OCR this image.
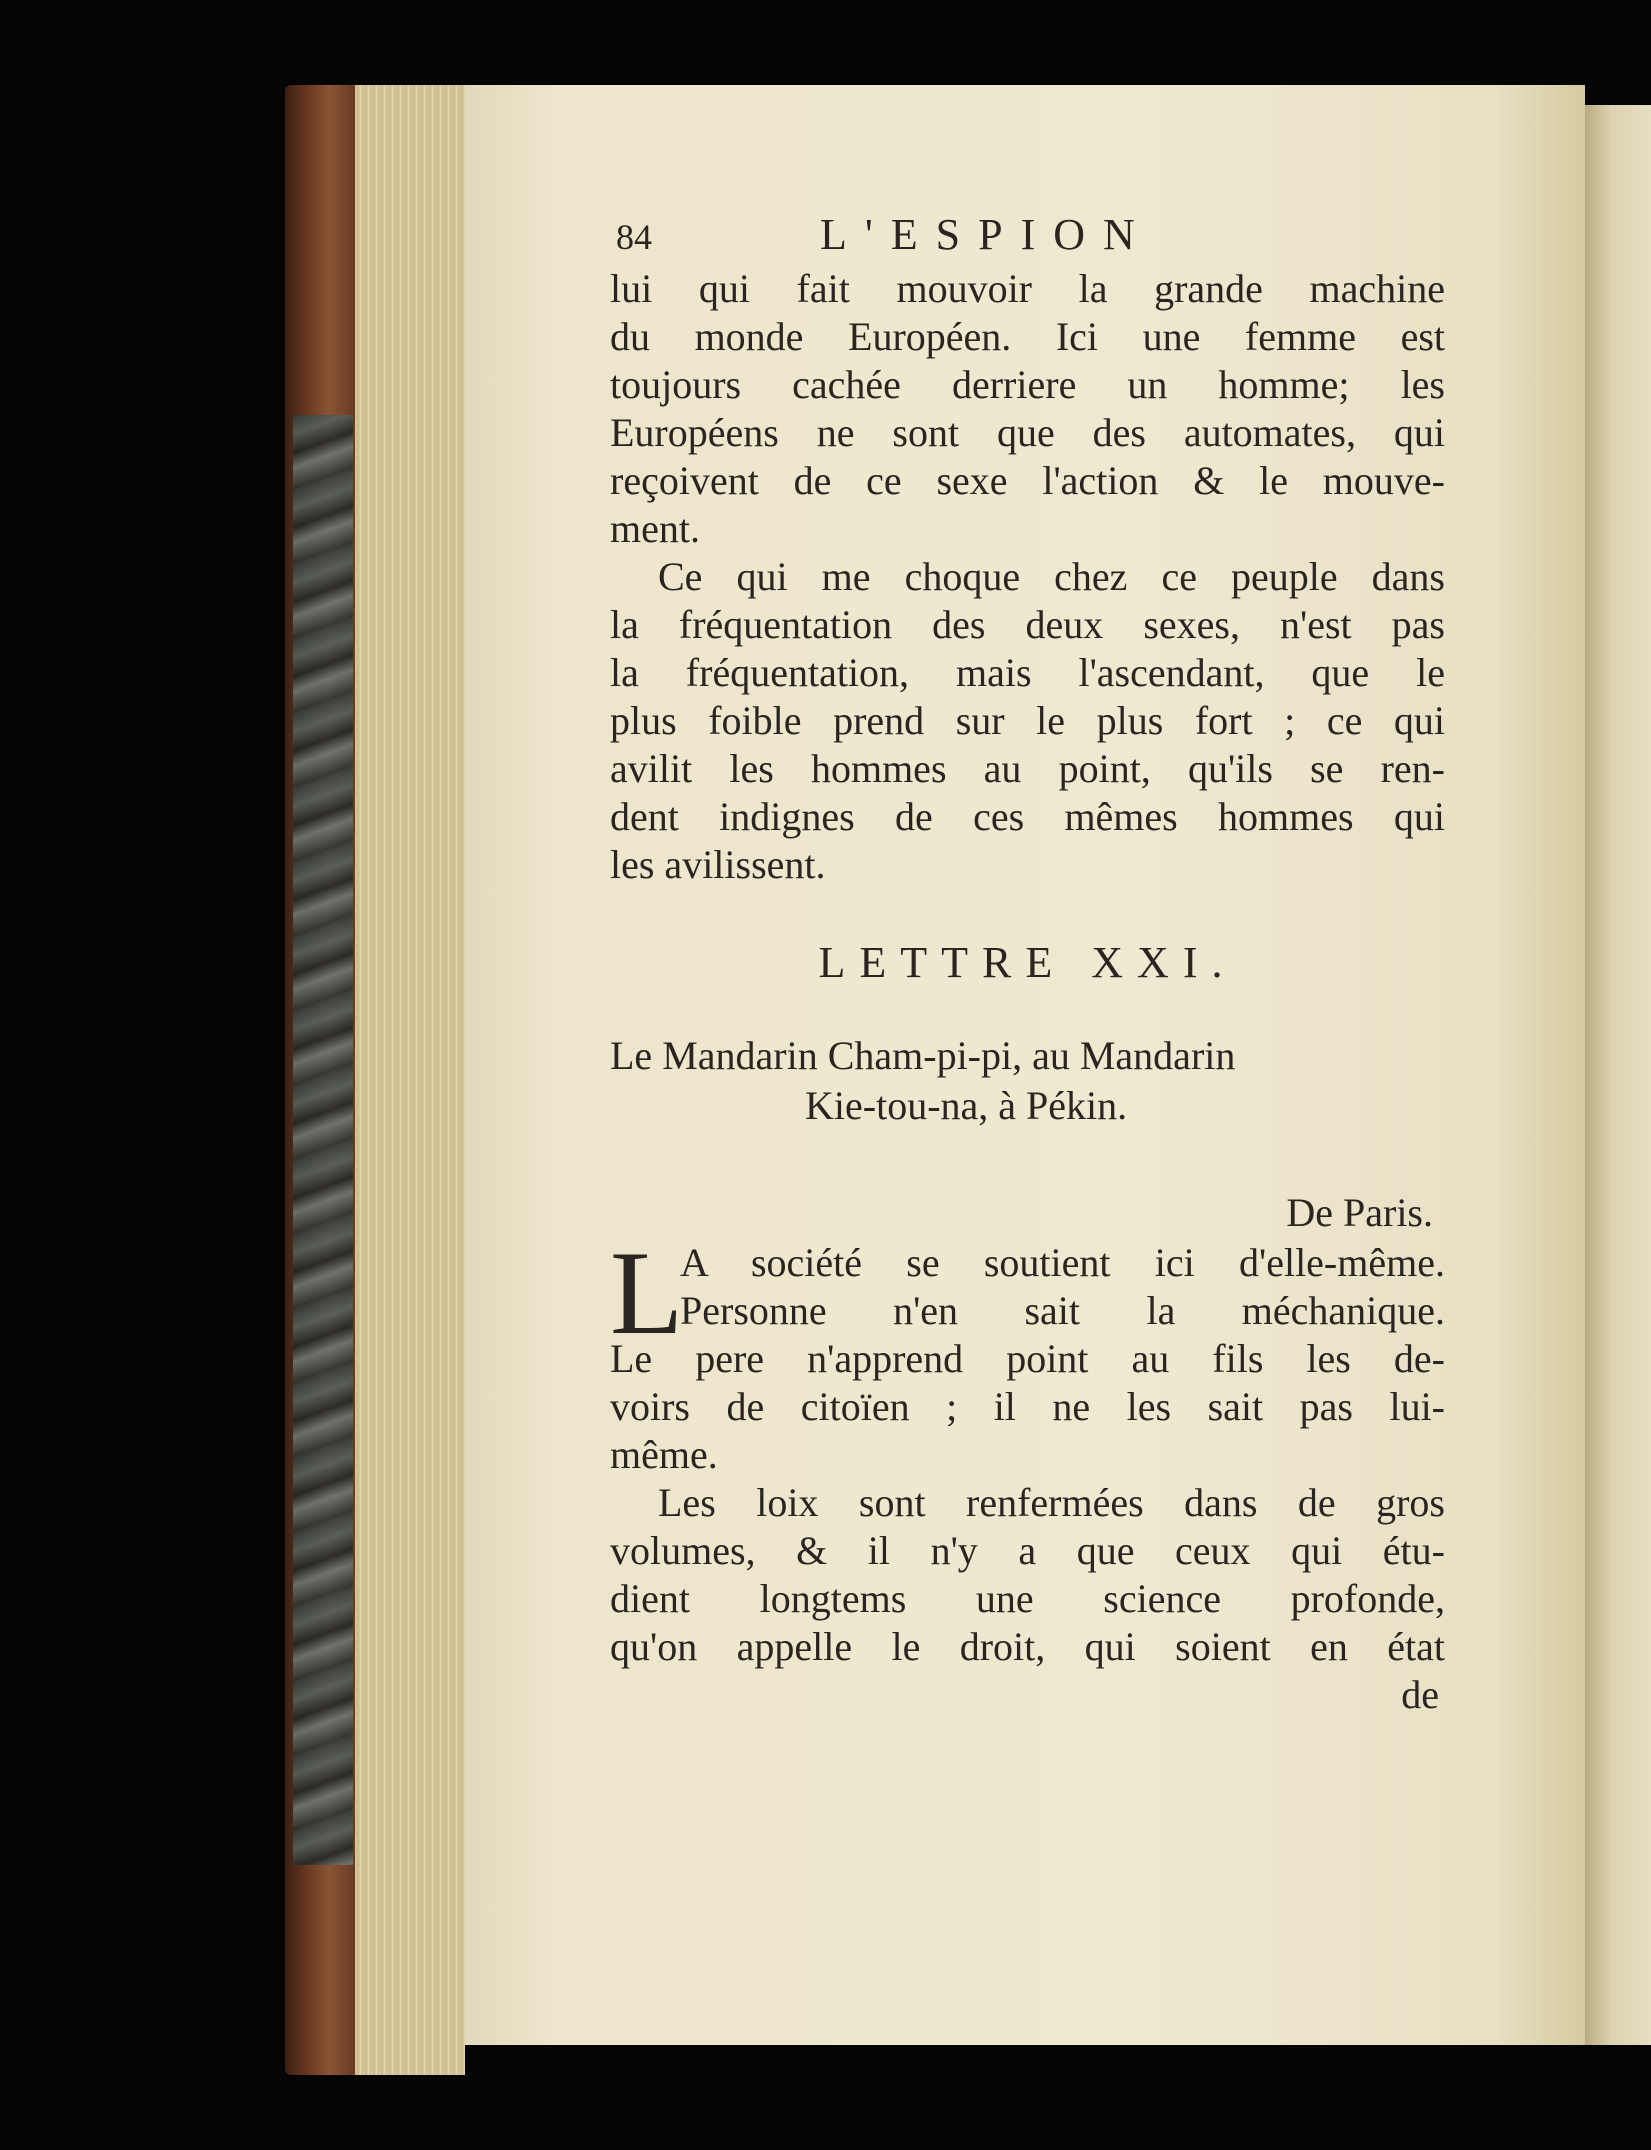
84	L'ESPION
lui qui fait mouvoir la grande machine
du monde Européen. Ici une femme est
toujours cachée derriere un homme; les
Européens ne sont que des automates, qui
reçoivent de ce sexe l'action & le mouve-
ment.
Ce qui me choque chez ce peuple dans
la fréquentation des deux sexes, n'est pas
la fréquentation, mais l'ascendant, que le
plus foible prend sur le plus fort ; ce qui
avilit les hommes au point, qu'ils se ren-
dent indignes de ces mêmes hommes qui
les avilissent.
LETTRE XXI.
Le Mandarin Cham-pi-pi, au Mandarin
Kie-tou-na, à Pékin.
De Paris.
L
A société se soutient ici d'elle-même.
Personne n'en sait la méchanique.
Le pere n'apprend point au fils les de-
voirs de citoïen ; il ne les sait pas lui-
même.
Les loix sont renfermées dans de gros
volumes, & il n'y a que ceux qui étu-
dient longtems une science profonde,
qu'on appelle le droit, qui soient en état
de
